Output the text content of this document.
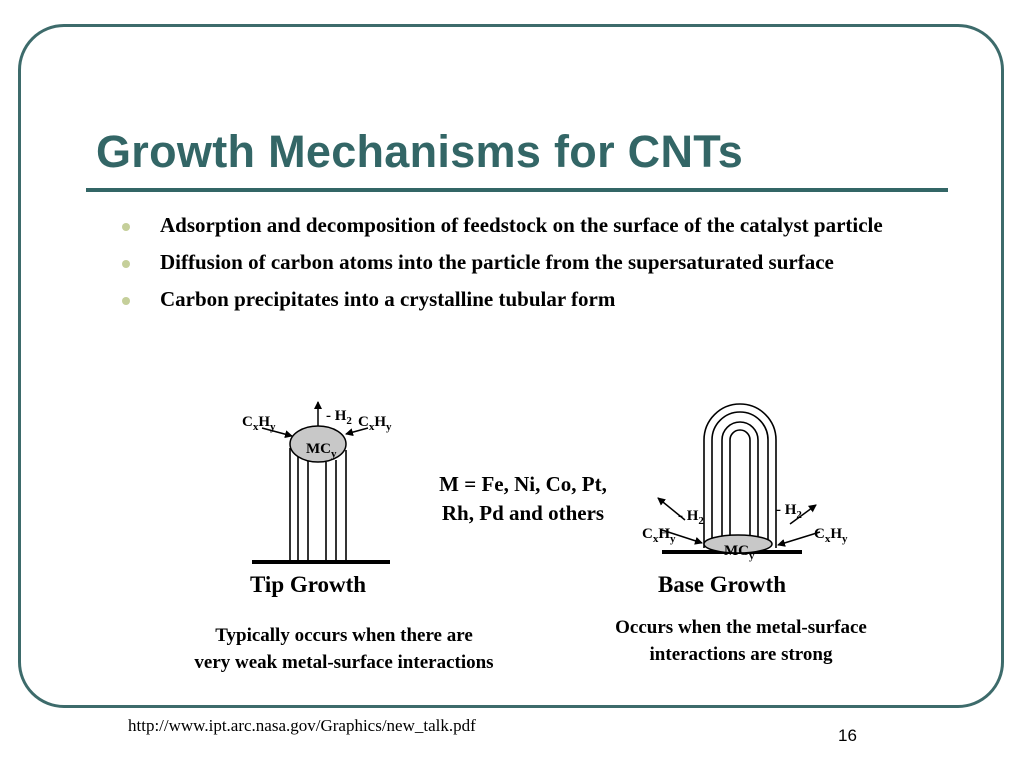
Growth Mechanisms for CNTs
Adsorption and decomposition of feedstock on the surface of the catalyst particle
Diffusion of carbon atoms into the particle from the supersaturated surface
Carbon precipitates into a crystalline tubular form
$C_xH_y$
- $H_2$ $C_xH_y$
$MC_y$
- $H_2$
- $H_2$
$C_xH_y$	$C_xH_y$
$MC_y$
M = Fe, Ni, Co, Pt,
Rh, Pd and others
Tip Growth	Base Growth
Typically occurs when there are
very weak metal-surface interactions
Occurs when the metal-surface
interactions are strong
http://www.ipt.arc.nasa.gov/Graphics/new_talk.pdf
16
